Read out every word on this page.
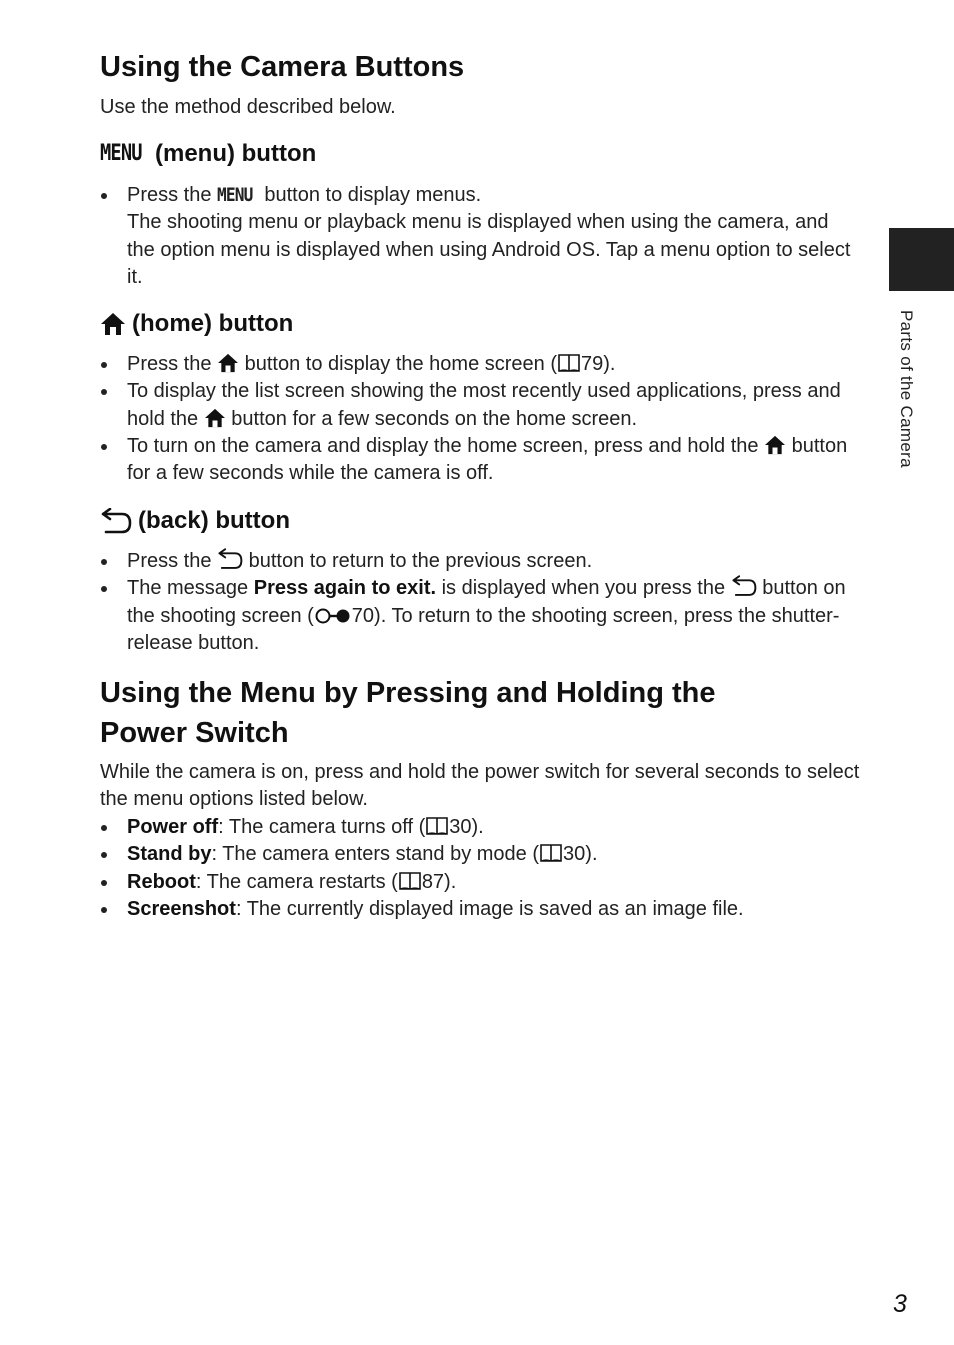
Using the Camera Buttons

Use the method described below.

MENU (menu) button
Press the MENU button to display menus.
The shooting menu or playback menu is displayed when using the camera, and the option menu is displayed when using Android OS. Tap a menu option to select it.
(home) button
Press the button to display the home screen ( 79).
To display the list screen showing the most recently used applications, press and hold the button for a few seconds on the home screen.
To turn on the camera and display the home screen, press and hold the button for a few seconds while the camera is off.
(back) button
Press the button to return to the previous screen.
The message Press again to exit. is displayed when you press the button on the shooting screen ( 70). To return to the shooting screen, press the shutter-release button.
Using the Menu by Pressing and Holding the
Power Switch

While the camera is on, press and hold the power switch for several seconds to select the menu options listed below.

Power off: The camera turns off ( 30).
Stand by: The camera enters stand by mode ( 30).
Reboot: The camera restarts ( 87).
Screenshot: The currently displayed image is saved as an image file.
Parts of the Camera
3
